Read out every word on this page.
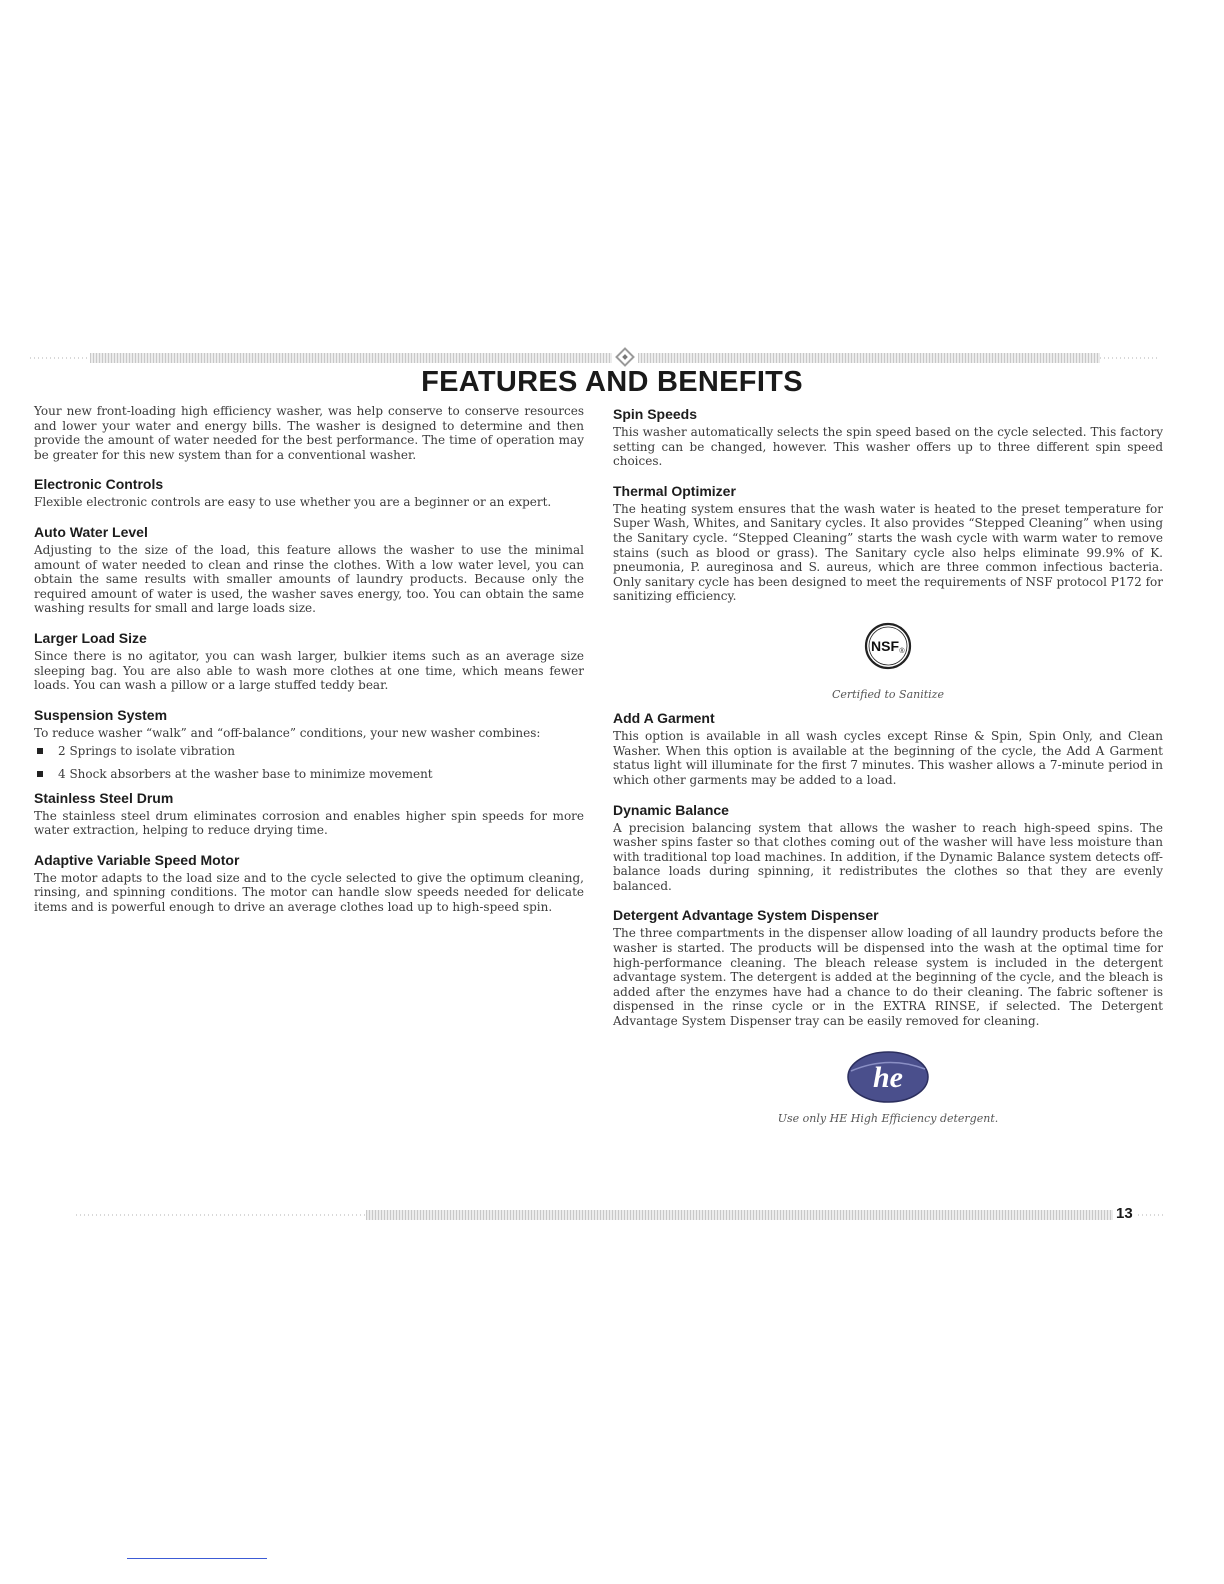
FEATURES AND BENEFITS

Your new front-loading high efficiency washer, was help conserve to conserve resources and lower your water and energy bills. The washer is designed to determine and then provide the amount of water needed for the best performance. The time of operation may be greater for this new system than for a conventional washer.

Electronic Controls

Flexible electronic controls are easy to use whether you are a beginner or an expert.

Auto Water Level

Adjusting to the size of the load, this feature allows the washer to use the minimal amount of water needed to clean and rinse the clothes. With a low water level, you can obtain the same results with smaller amounts of laundry products. Because only the required amount of water is used, the washer saves energy, too. You can obtain the same washing results for small and large loads size.

Larger Load Size

Since there is no agitator, you can wash larger, bulkier items such as an average size sleeping bag. You are also able to wash more clothes at one time, which means fewer loads. You can wash a pillow or a large stuffed teddy bear.

Suspension System

To reduce washer “walk” and “off-balance” conditions, your new washer combines:

2 Springs to isolate vibration
4 Shock absorbers at the washer base to minimize movement
Stainless Steel Drum

The stainless steel drum eliminates corrosion and enables higher spin speeds for more water extraction, helping to reduce drying time.

Adaptive Variable Speed Motor

The motor adapts to the load size and to the cycle selected to give the optimum cleaning, rinsing, and spinning conditions. The motor can handle slow speeds needed for delicate items and is powerful enough to drive an average clothes load up to high-speed spin.

Spin Speeds

This washer automatically selects the spin speed based on the cycle selected. This factory setting can be changed, however. This washer offers up to three different spin speed choices.

Thermal Optimizer

The heating system ensures that the wash water is heated to the preset temperature for Super Wash, Whites, and Sanitary cycles. It also provides “Stepped Cleaning” when using the Sanitary cycle. “Stepped Cleaning” starts the wash cycle with warm water to remove stains (such as blood or grass). The Sanitary cycle also helps eliminate 99.9% of K. pneumonia, P. aureginosa and S. aureus, which are three common infectious bacteria. Only sanitary cycle has been designed to meet the requirements of NSF protocol P172 for sanitizing efficiency.

NSF ®
Certified to Sanitize
Add A Garment

This option is available in all wash cycles except Rinse & Spin, Spin Only, and Clean Washer. When this option is available at the beginning of the cycle, the Add A Garment status light will illuminate for the first 7 minutes. This washer allows a 7-minute period in which other garments may be added to a load.

Dynamic Balance

A precision balancing system that allows the washer to reach high-speed spins. The washer spins faster so that clothes coming out of the washer will have less moisture than with traditional top load machines. In addition, if the Dynamic Balance system detects off-balance loads during spinning, it redistributes the clothes so that they are evenly balanced.

Detergent Advantage System Dispenser

The three compartments in the dispenser allow loading of all laundry products before the washer is started. The products will be dispensed into the wash at the optimal time for high-performance cleaning. The bleach release system is included in the detergent advantage system. The detergent is added at the beginning of the cycle, and the bleach is added after the enzymes have had a chance to do their cleaning. The fabric softener is dispensed in the rinse cycle or in the EXTRA RINSE, if selected. The Detergent Advantage System Dispenser tray can be easily removed for cleaning.

he
Use only HE High Efficiency detergent.
13
